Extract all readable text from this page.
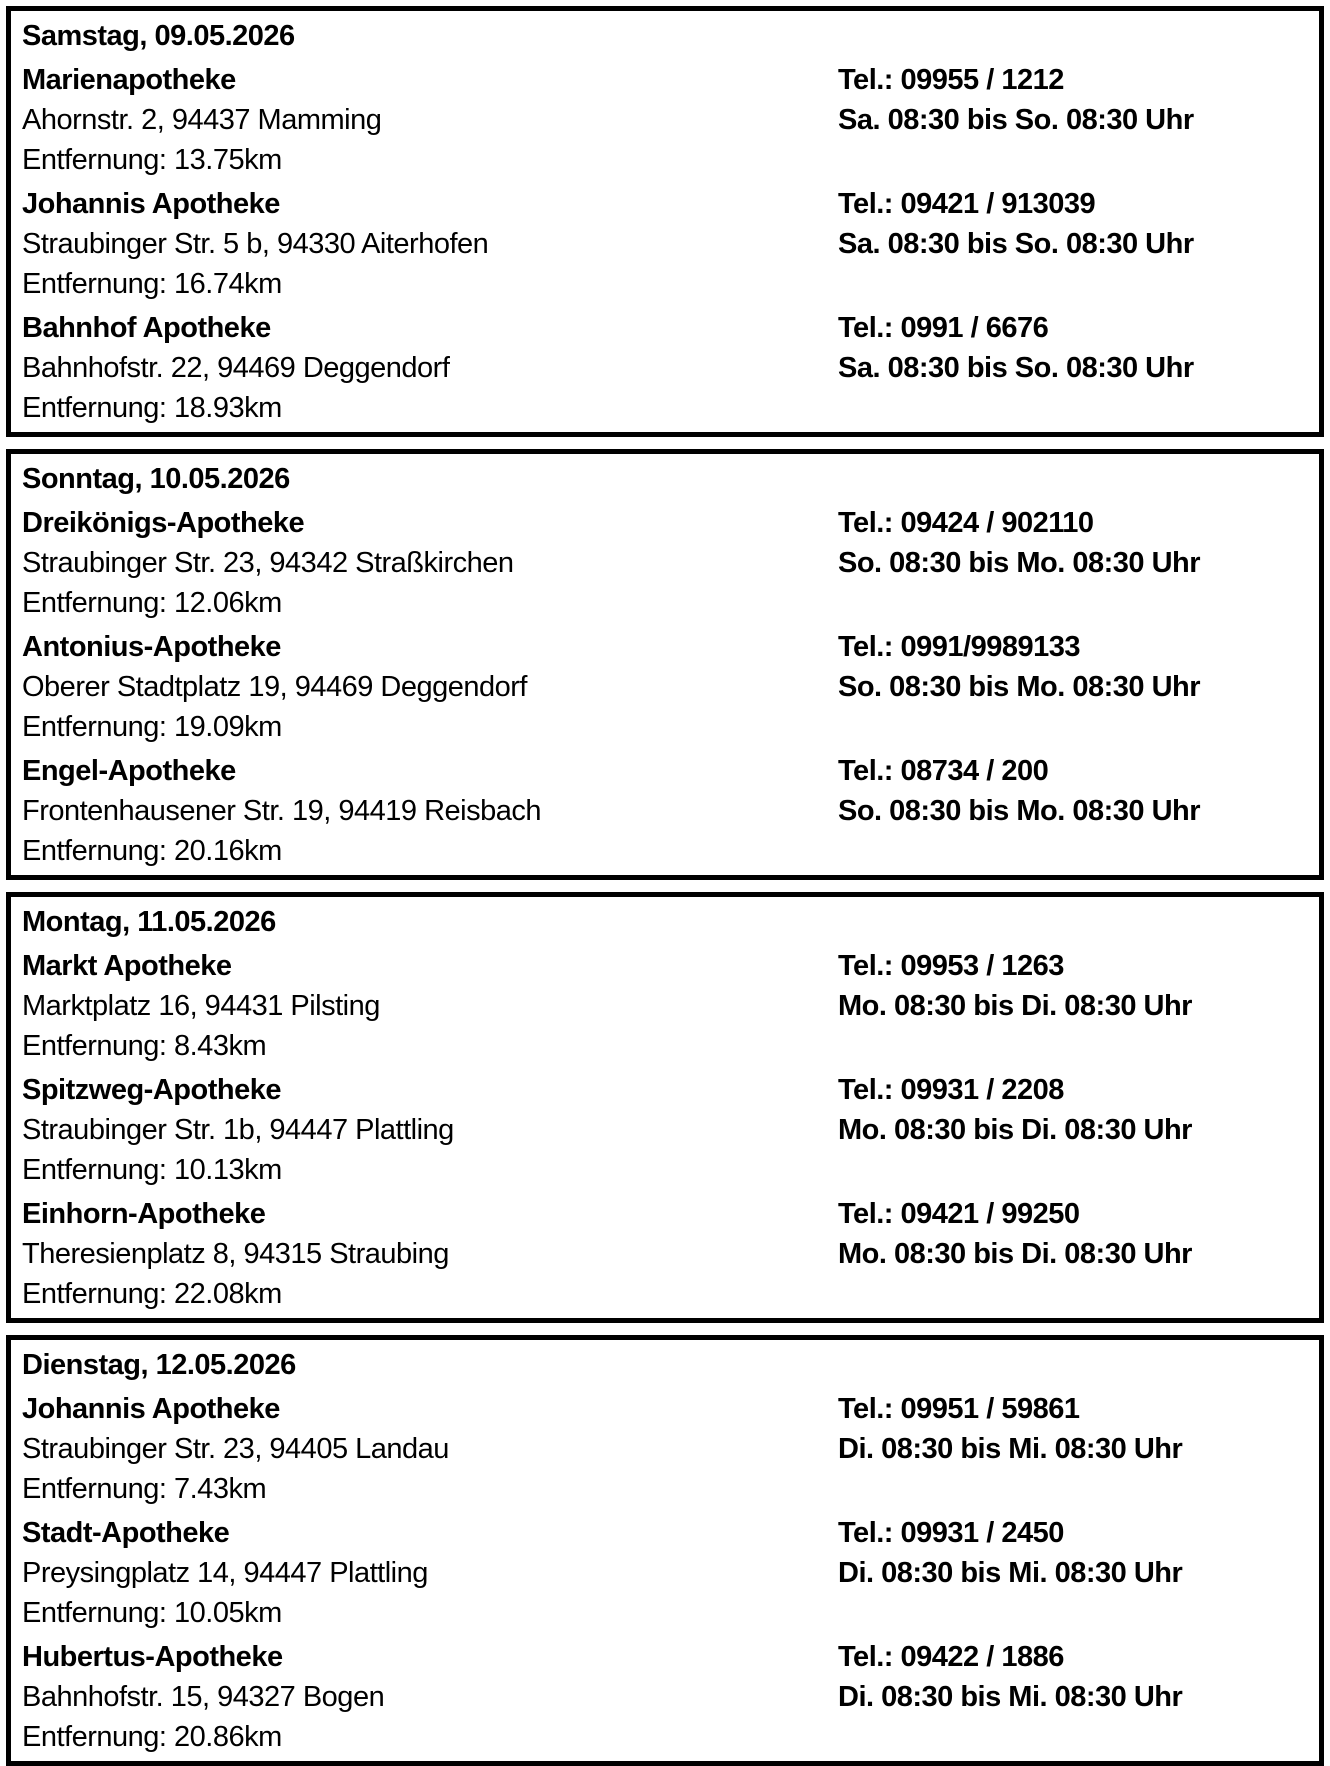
Samstag, 09.05.2026
Marienapotheke
Ahornstr. 2, 94437 Mamming
Entfernung: 13.75km
Tel.: 09955 / 1212
Sa. 08:30 bis So. 08:30 Uhr
Johannis Apotheke
Straubinger Str. 5 b, 94330 Aiterhofen
Entfernung: 16.74km
Tel.: 09421 / 913039
Sa. 08:30 bis So. 08:30 Uhr
Bahnhof Apotheke
Bahnhofstr. 22, 94469 Deggendorf
Entfernung: 18.93km
Tel.: 0991 / 6676
Sa. 08:30 bis So. 08:30 Uhr
Sonntag, 10.05.2026
Dreikönigs-Apotheke
Straubinger Str. 23, 94342 Straßkirchen
Entfernung: 12.06km
Tel.: 09424 / 902110
So. 08:30 bis Mo. 08:30 Uhr
Antonius-Apotheke
Oberer Stadtplatz 19, 94469 Deggendorf
Entfernung: 19.09km
Tel.: 0991/9989133
So. 08:30 bis Mo. 08:30 Uhr
Engel-Apotheke
Frontenhausener Str. 19, 94419 Reisbach
Entfernung: 20.16km
Tel.: 08734 / 200
So. 08:30 bis Mo. 08:30 Uhr
Montag, 11.05.2026
Markt Apotheke
Marktplatz 16, 94431 Pilsting
Entfernung: 8.43km
Tel.: 09953 / 1263
Mo. 08:30 bis Di. 08:30 Uhr
Spitzweg-Apotheke
Straubinger Str. 1b, 94447 Plattling
Entfernung: 10.13km
Tel.: 09931 / 2208
Mo. 08:30 bis Di. 08:30 Uhr
Einhorn-Apotheke
Theresienplatz 8, 94315 Straubing
Entfernung: 22.08km
Tel.: 09421 / 99250
Mo. 08:30 bis Di. 08:30 Uhr
Dienstag, 12.05.2026
Johannis Apotheke
Straubinger Str. 23, 94405 Landau
Entfernung: 7.43km
Tel.: 09951 / 59861
Di. 08:30 bis Mi. 08:30 Uhr
Stadt-Apotheke
Preysingplatz 14, 94447 Plattling
Entfernung: 10.05km
Tel.: 09931 / 2450
Di. 08:30 bis Mi. 08:30 Uhr
Hubertus-Apotheke
Bahnhofstr. 15, 94327 Bogen
Entfernung: 20.86km
Tel.: 09422 / 1886
Di. 08:30 bis Mi. 08:30 Uhr
